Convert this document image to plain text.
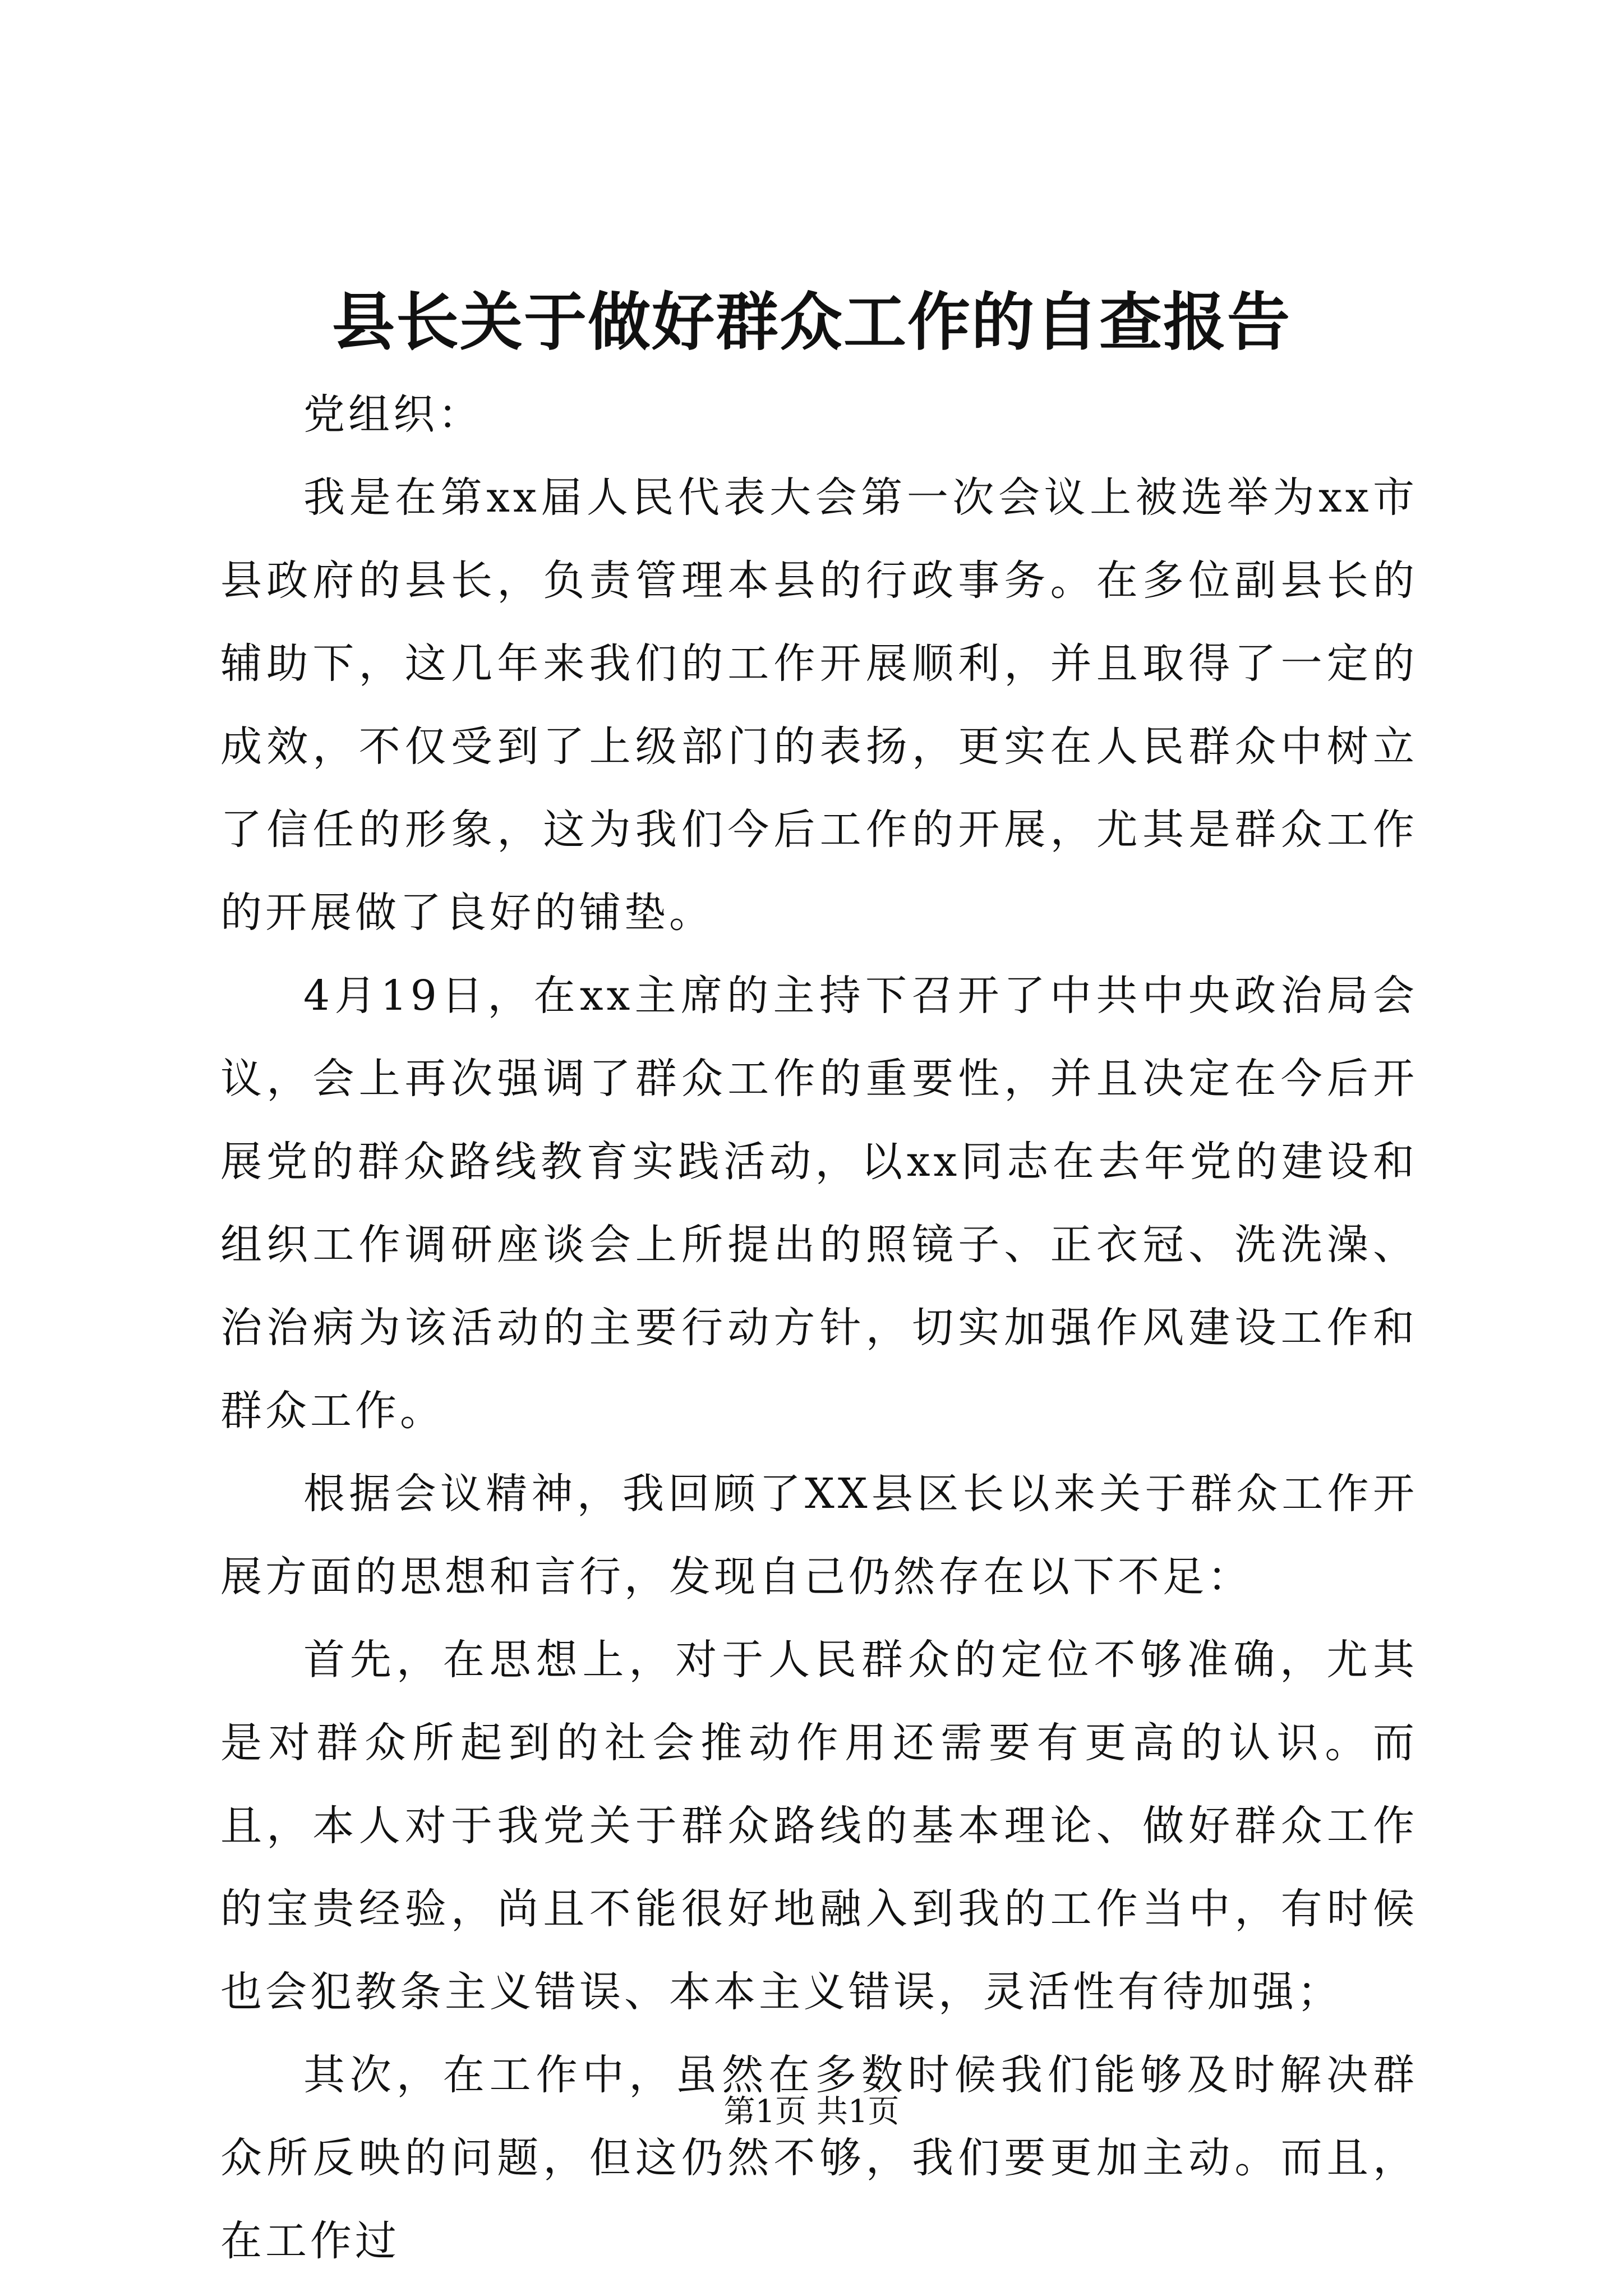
县长关于做好群众工作的自查报告

党组织：

我是在第xx届人民代表大会第一次会议上被选举为xx市县政府的县长，负责管理本县的行政事务。在多位副县长的辅助下，这几年来我们的工作开展顺利，并且取得了一定的成效，不仅受到了上级部门的表扬，更实在人民群众中树立了信任的形象，这为我们今后工作的开展，尤其是群众工作的开展做了良好的铺垫。

4月19日，在xx主席的主持下召开了中共中央政治局会议，会上再次强调了群众工作的重要性，并且决定在今后开展党的群众路线教育实践活动，以xx同志在去年党的建设和组织工作调研座谈会上所提出的照镜子、正衣冠、洗洗澡、治治病为该活动的主要行动方针，切实加强作风建设工作和群众工作。

根据会议精神，我回顾了XX县区长以来关于群众工作开展方面的思想和言行，发现自己仍然存在以下不足：

首先，在思想上，对于人民群众的定位不够准确，尤其是对群众所起到的社会推动作用还需要有更高的认识。而且，本人对于我党关于群众路线的基本理论、做好群众工作的宝贵经验，尚且不能很好地融入到我的工作当中，有时候也会犯教条主义错误、本本主义错误，灵活性有待加强；

其次，在工作中，虽然在多数时候我们能够及时解决群众所反映的问题，但这仍然不够，我们要更加主动。而且，在工作过

第1页 共1页
